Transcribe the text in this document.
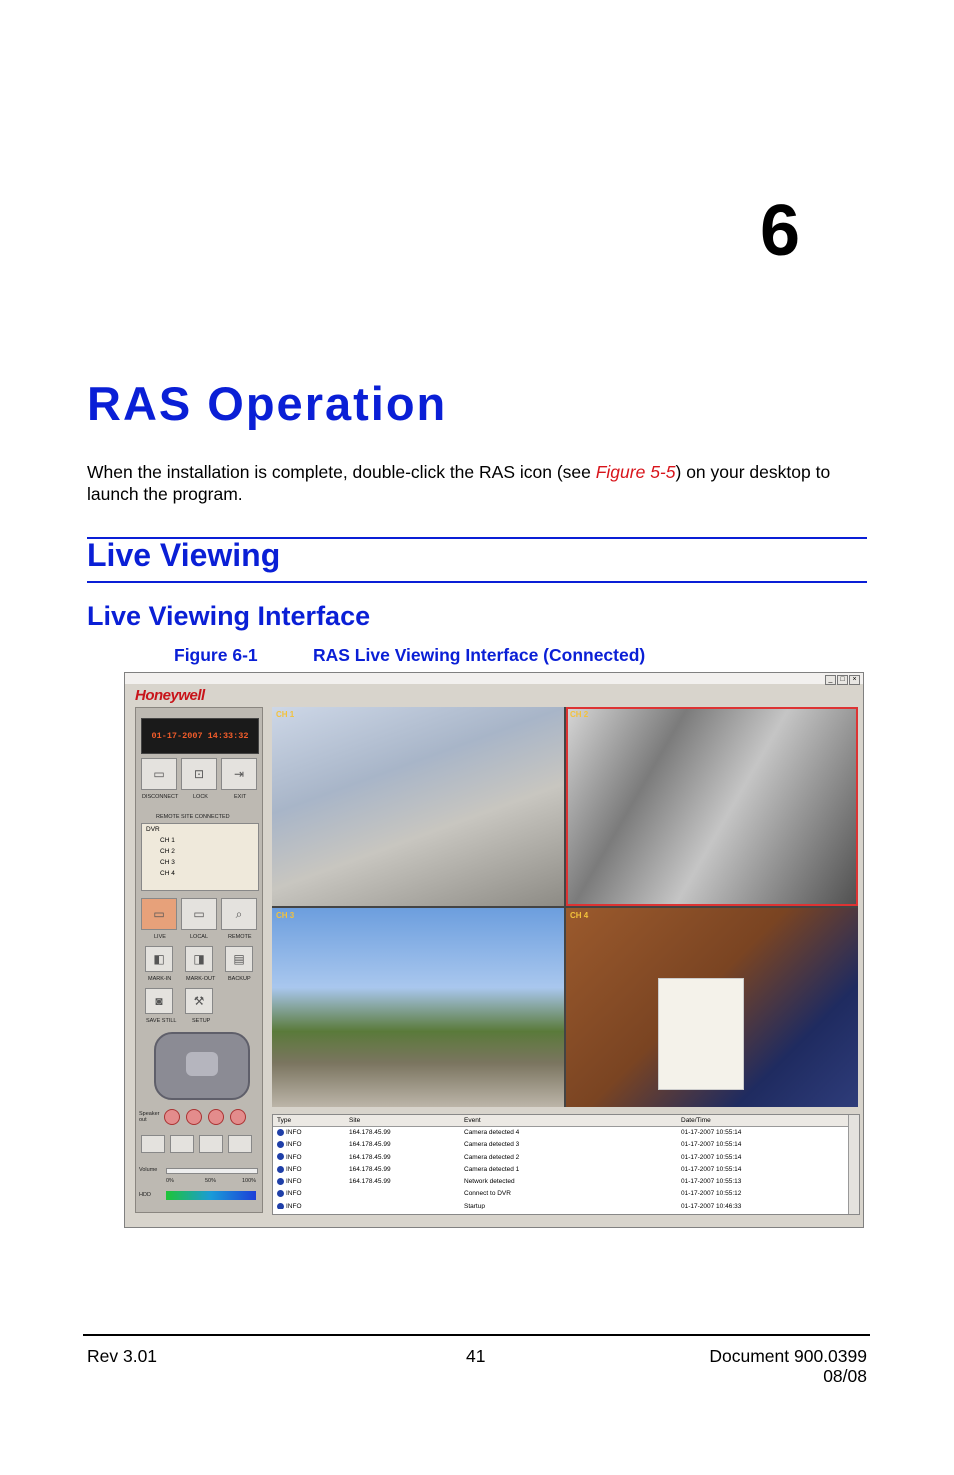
6
RAS Operation
When the installation is complete, double-click the RAS icon (see Figure 5-5) on your desktop to launch the program.
Live Viewing
Live Viewing Interface
Figure 6-1	RAS Live Viewing Interface (Connected)
_	□	×
Honeywell
01-17-2007 14:33:32
▭ ⊡ ⇥
DISCONNECT	LOCK	EXIT
REMOTE SITE CONNECTED
DVR
CH 1
CH 2
CH 3
CH 4
▭ ▭	⌕
LIVE	LOCAL	REMOTE
◧ ◨ ▤
MARK-IN	MARK-OUT BACKUP
◙	⚒
SAVE STILL	SETUP
Speaker out
Volume
0%	50%	100%
HDD
CH 1	CH 2
CH 3	CH 4
Type	Site	Event	Date/Time
INFO	164.178.45.99	Camera detected 4	01-17-2007 10:55:14
INFO	164.178.45.99	Camera detected 3	01-17-2007 10:55:14
INFO	164.178.45.99	Camera detected 2	01-17-2007 10:55:14
INFO	164.178.45.99	Camera detected 1	01-17-2007 10:55:14
INFO	164.178.45.99	Network detected	01-17-2007 10:55:13
INFO	Connect to DVR	01-17-2007 10:55:12
INFO	Startup	01-17-2007 10:46:33
Rev 3.01	41	Document 900.0399
08/08
